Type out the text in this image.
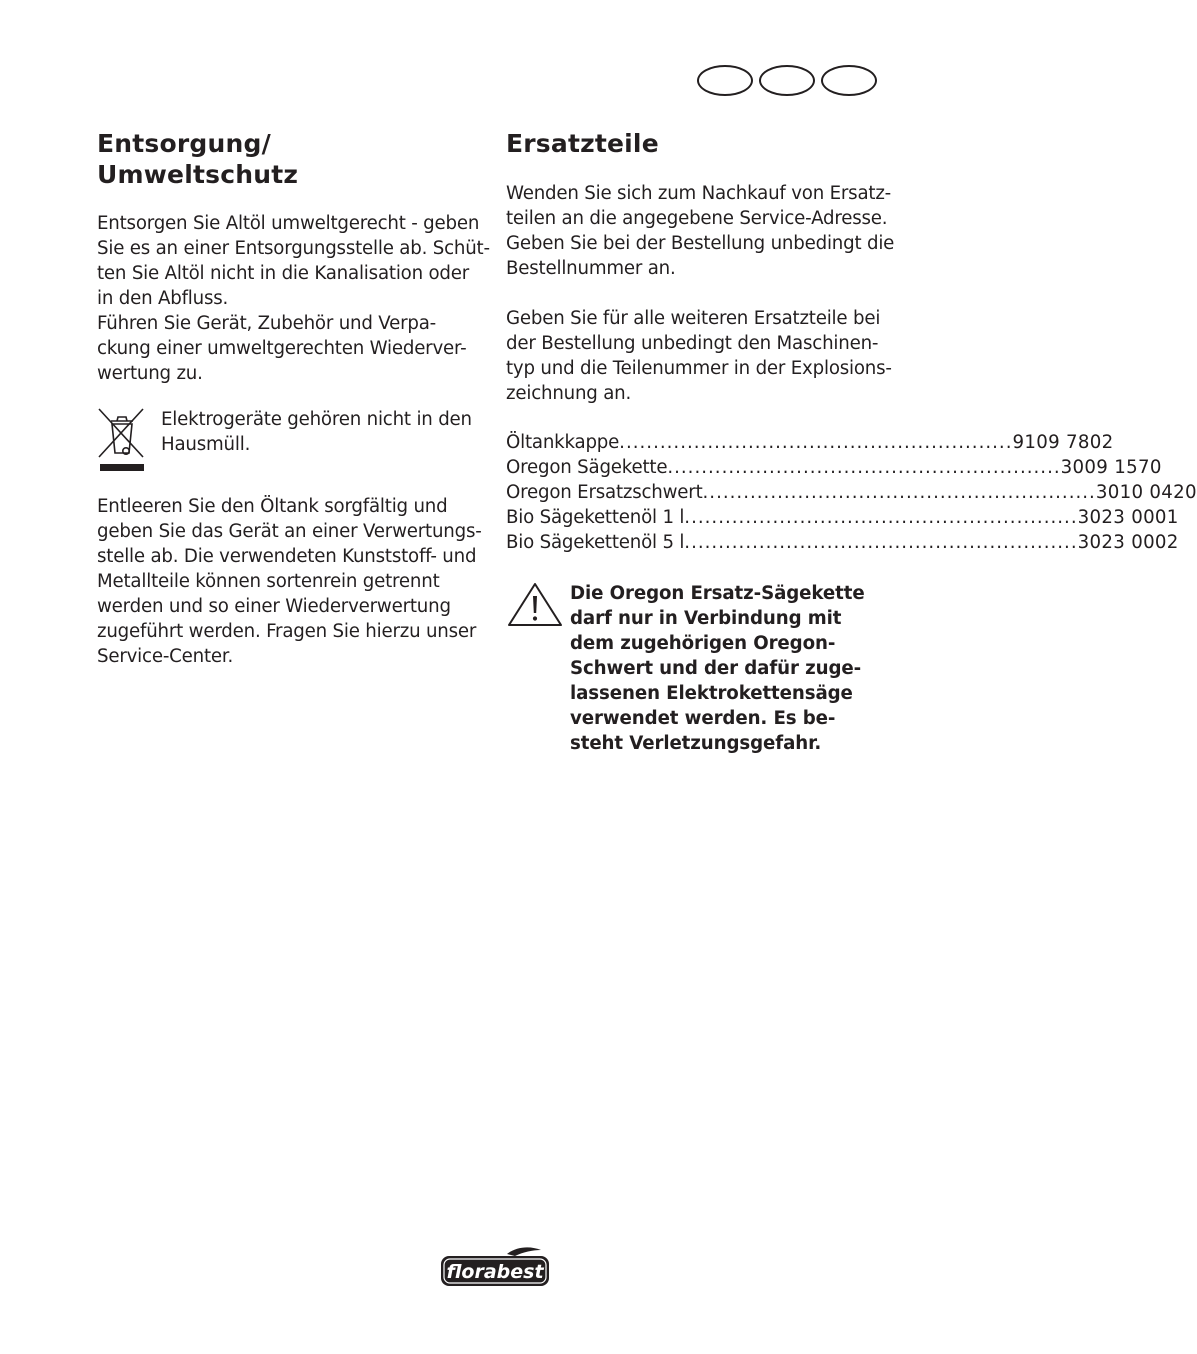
Entsorgung/
Umweltschutz

Entsorgen Sie Altöl umweltgerecht - geben
Sie es an einer Entsorgungsstelle ab. Schüt-
ten Sie Altöl nicht in die Kanalisation oder
in den Abfluss.
Führen Sie Gerät, Zubehör und Verpa-
ckung einer umweltgerechten Wiederver-
wertung zu.

Elektrogeräte gehören nicht in den
Hausmüll.

Entleeren Sie den Öltank sorgfältig und
geben Sie das Gerät an einer Verwertungs-
stelle ab. Die verwendeten Kunststoff- und
Metallteile können sortenrein getrennt
werden und so einer Wiederverwertung
zugeführt werden. Fragen Sie hierzu unser
Service-Center.

Ersatzteile

Wenden Sie sich zum Nachkauf von Ersatz-
teilen an die angegebene Service-Adresse.
Geben Sie bei der Bestellung unbedingt die
Bestellnummer an.

Geben Sie für alle weiteren Ersatzteile bei
der Bestellung unbedingt den Maschinen-
typ und die Teilenummer in der Explosions-
zeichnung an.

Öltankkappe .......................................................... 9109 7802
Oregon Sägekette .......................................................... 3009 1570
Oregon Ersatzschwert .......................................................... 3010 0420
Bio Sägekettenöl 1 l .......................................................... 3023 0001
Bio Sägekettenöl 5 l .......................................................... 3023 0002
Die Oregon Ersatz-Sägekette
darf nur in Verbindung mit
dem zugehörigen Oregon-
Schwert und der dafür zuge-
lassenen Elektrokettensäge
verwendet werden. Es be-
steht Verletzungsgefahr.
florabest
